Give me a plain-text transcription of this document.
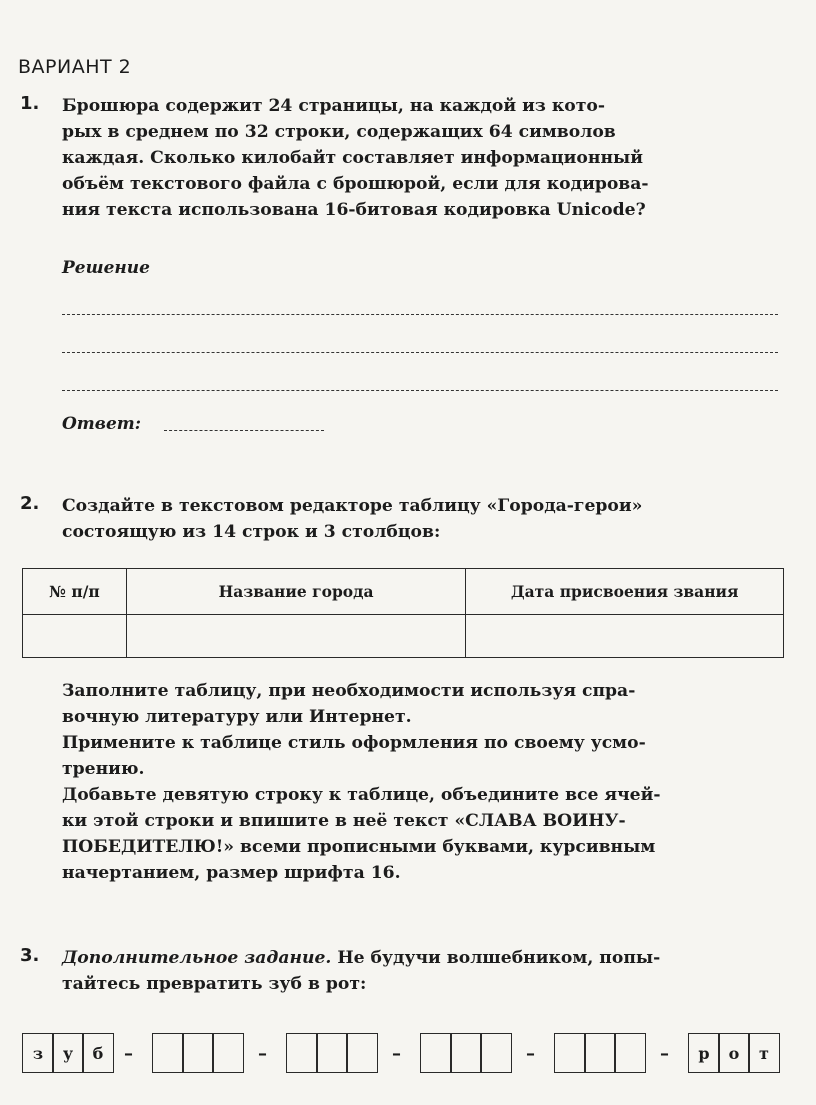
ВАРИАНТ 2
1. Брошюра содержит 24 страницы, на каждой из кото-
рых в среднем по 32 строки, содержащих 64 символов
каждая. Сколько килобайт составляет информационный
объём текстового файла с брошюрой, если для кодирова-
ния текста использована 16-битовая кодировка Unicode?
Решение
Ответ:
2. Создайте в текстовом редакторе таблицу «Города-герои»
состоящую из 14 строк и 3 столбцов:
№ п/п	Название города	Дата присвоения звания

Заполните таблицу, при необходимости используя спра-
вочную литературу или Интернет.
Примените к таблице стиль оформления по своему усмо-
трению.
Добавьте девятую строку к таблице, объедините все ячей-
ки этой строки и впишите в неё текст «СЛАВА ВОИНУ-
ПОБЕДИТЕЛЮ!» всеми прописными буквами, курсивным
начертанием, размер шрифта 16.
3. Дополнительное задание. Не будучи волшебником, попы-
тайтесь превратить зуб в рот:
з	у	б	–	–	–	–	–	р	о	т
